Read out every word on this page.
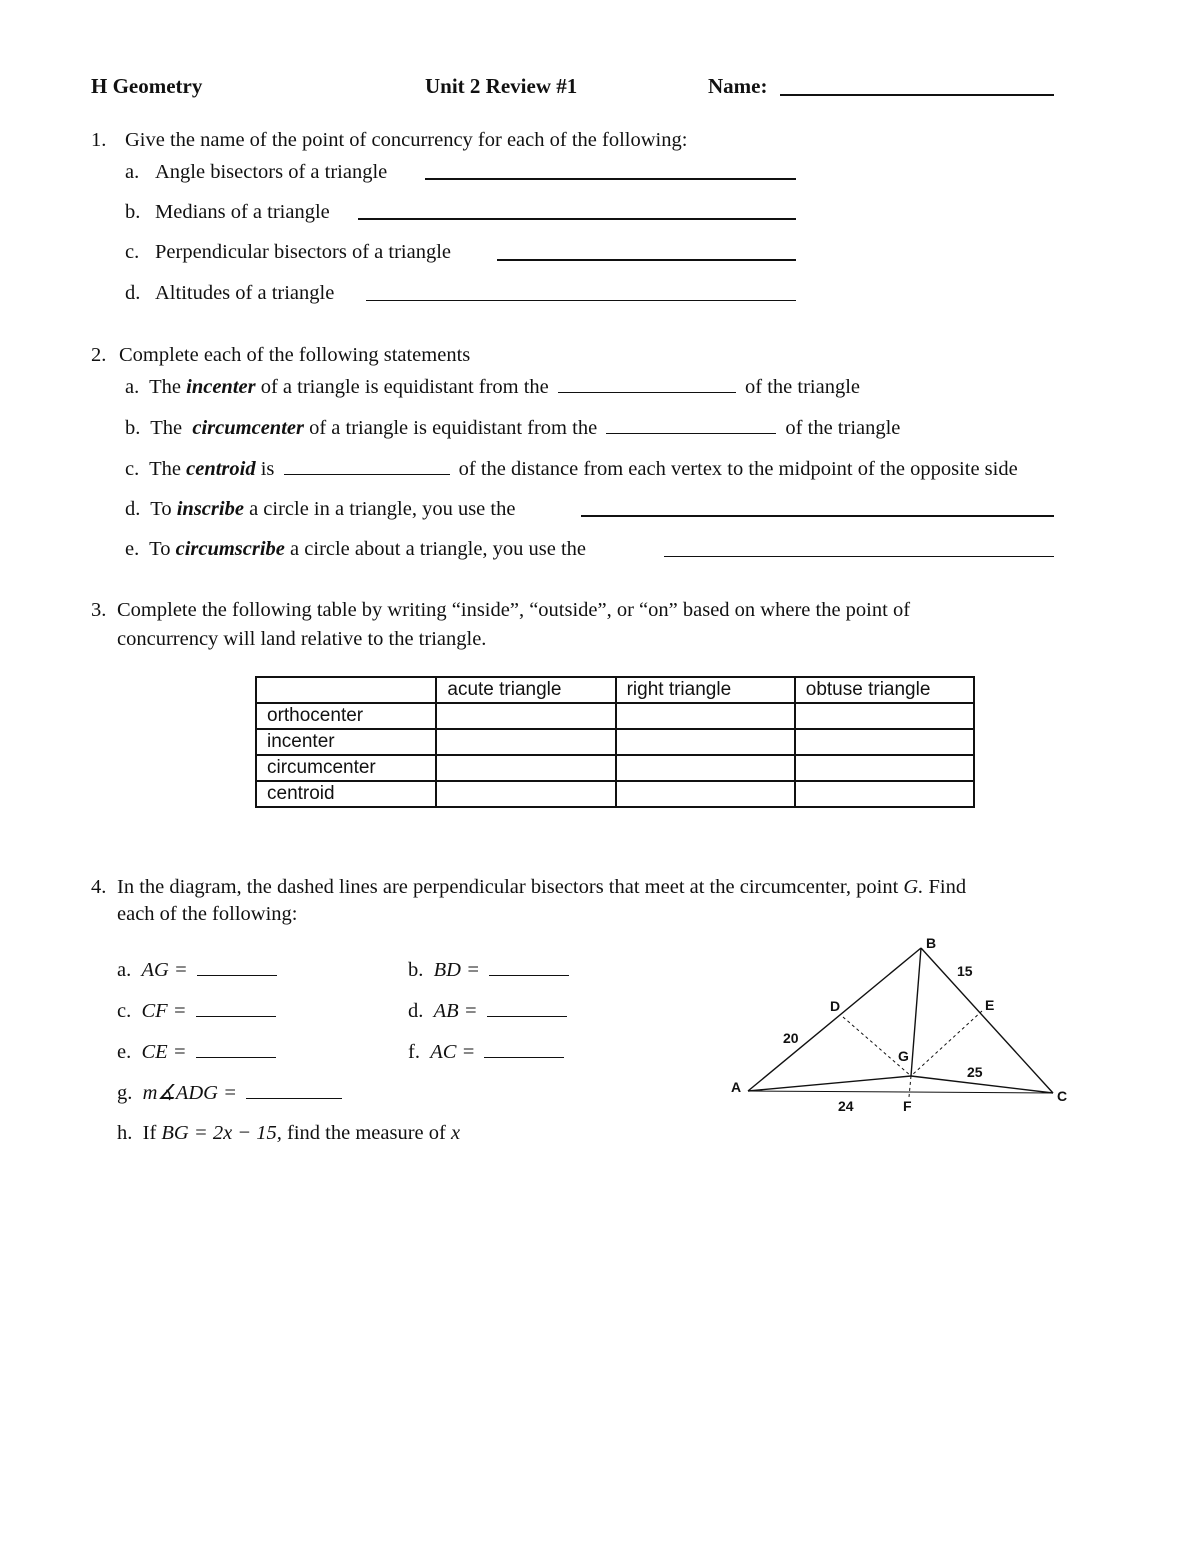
H Geometry	Unit 2 Review #1	Name:
1. Give the name of the point of concurrency for each of the following:
a. Angle bisectors of a triangle
b. Medians of a triangle
c. Perpendicular bisectors of a triangle
d. Altitudes of a triangle
2. Complete each of the following statements
a. The incenter of a triangle is equidistant from the	of the triangle
b. The circumcenter of a triangle is equidistant from the	of the triangle
c. The centroid is	of the distance from each vertex to the midpoint of the opposite side
d. To inscribe a circle in a triangle, you use the
e. To circumscribe a circle about a triangle, you use the
3. Complete the following table by writing “inside”, “outside”, or “on” based on where the point of
concurrency will land relative to the triangle.
	acute triangle	right triangle	obtuse triangle
orthocenter			
incenter			
circumcenter			
centroid			
4. In the diagram, the dashed lines are perpendicular bisectors that meet at the circumcenter, point G. Find
each of the following:
a. AG =	b. BD =
c. CF =	d. AB =
e. CE =	f. AC =
g. m∡ADG =
h. If BG = 2x − 15, find the measure of x
A
B
C
D	E
F
G
20
15
25
24
